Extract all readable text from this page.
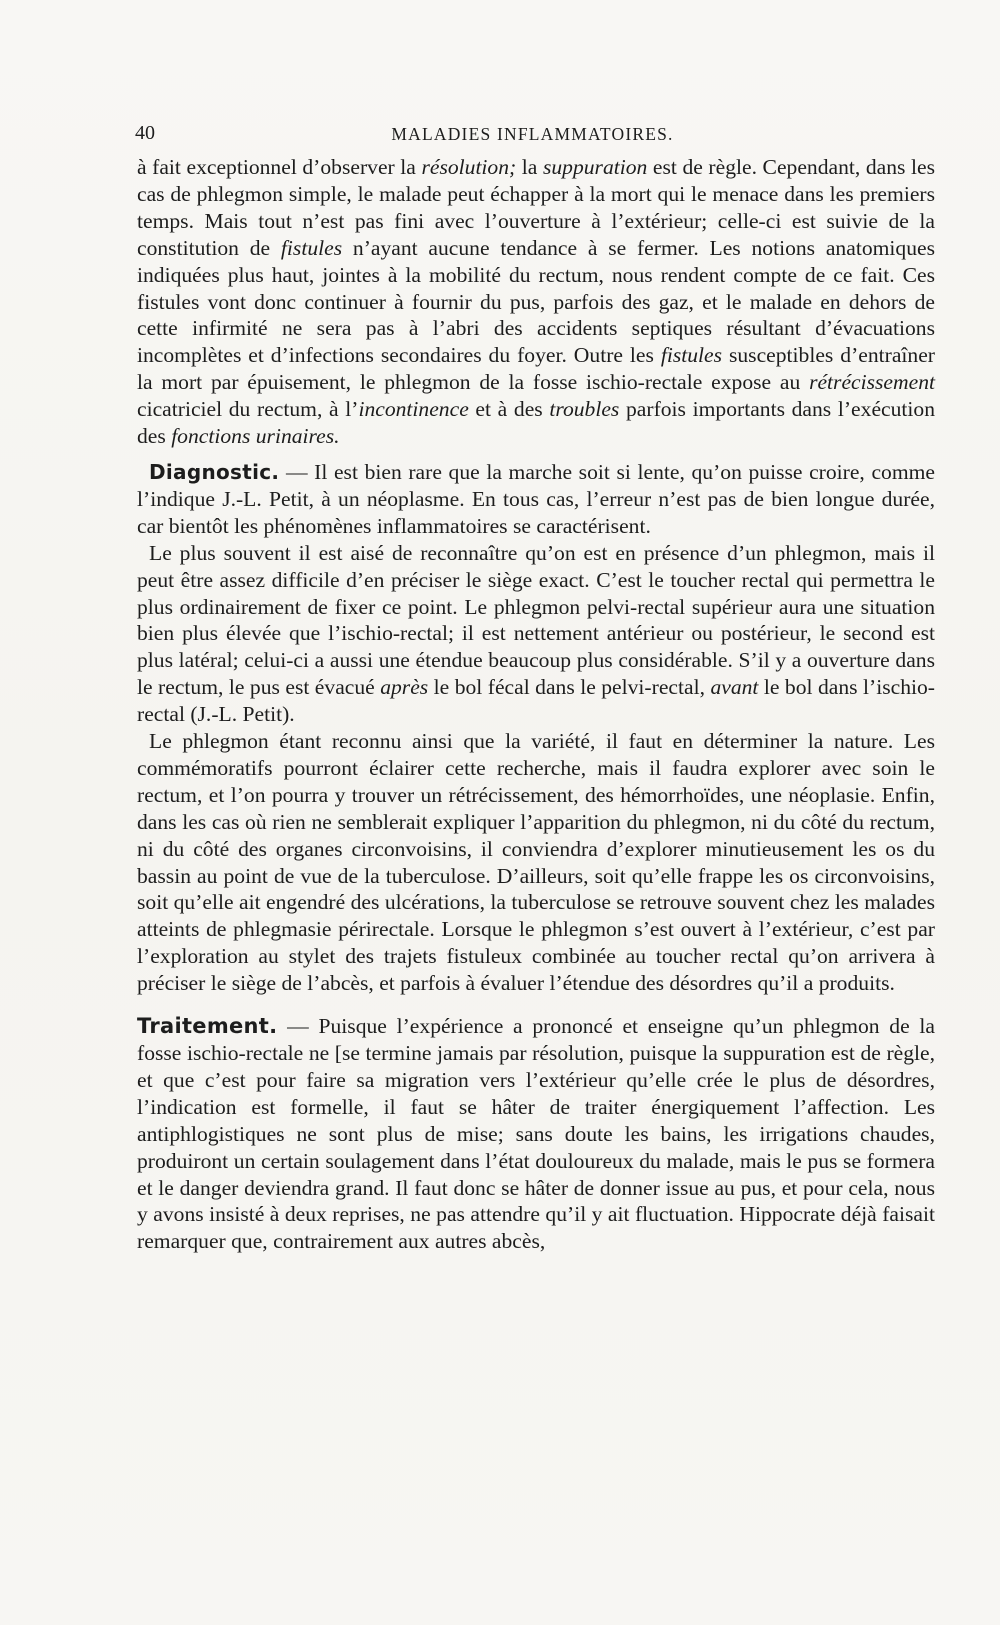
40	MALADIES INFLAMMATOIRES.

à fait exceptionnel d’observer la résolution; la suppuration est de règle. Cependant, dans les cas de phlegmon simple, le malade peut échapper à la mort qui le menace dans les premiers temps. Mais tout n’est pas fini avec l’ouverture à l’extérieur; celle-ci est suivie de la constitution de fistules n’ayant aucune tendance à se fermer. Les notions anatomiques indiquées plus haut, jointes à la mobilité du rectum, nous rendent compte de ce fait. Ces fistules vont donc continuer à fournir du pus, parfois des gaz, et le malade en dehors de cette infirmité ne sera pas à l’abri des accidents septiques résultant d’évacuations incomplètes et d’infections secondaires du foyer. Outre les fistules susceptibles d’entraîner la mort par épuisement, le phlegmon de la fosse ischio-rectale expose au rétrécissement cicatriciel du rectum, à l’incontinence et à des troubles parfois importants dans l’exécution des fonctions urinaires.

Diagnostic. — Il est bien rare que la marche soit si lente, qu’on puisse croire, comme l’indique J.-L. Petit, à un néoplasme. En tous cas, l’erreur n’est pas de bien longue durée, car bientôt les phénomènes inflammatoires se caractérisent.

Le plus souvent il est aisé de reconnaître qu’on est en présence d’un phlegmon, mais il peut être assez difficile d’en préciser le siège exact. C’est le toucher rectal qui permettra le plus ordinairement de fixer ce point. Le phlegmon pelvi-rectal supérieur aura une situation bien plus élevée que l’ischio-rectal; il est nettement antérieur ou postérieur, le second est plus latéral; celui-ci a aussi une étendue beaucoup plus considérable. S’il y a ouverture dans le rectum, le pus est évacué après le bol fécal dans le pelvi-rectal, avant le bol dans l’ischio-rectal (J.-L. Petit).

Le phlegmon étant reconnu ainsi que la variété, il faut en déterminer la nature. Les commémoratifs pourront éclairer cette recherche, mais il faudra explorer avec soin le rectum, et l’on pourra y trouver un rétrécissement, des hémorrhoïdes, une néoplasie. Enfin, dans les cas où rien ne semblerait expliquer l’apparition du phlegmon, ni du côté du rectum, ni du côté des organes circonvoisins, il conviendra d’explorer minutieusement les os du bassin au point de vue de la tuberculose. D’ailleurs, soit qu’elle frappe les os circonvoisins, soit qu’elle ait engendré des ulcérations, la tuberculose se retrouve souvent chez les malades atteints de phlegmasie périrectale. Lorsque le phlegmon s’est ouvert à l’extérieur, c’est par l’exploration au stylet des trajets fistuleux combinée au toucher rectal qu’on arrivera à préciser le siège de l’abcès, et parfois à évaluer l’étendue des désordres qu’il a produits.

Traitement. — Puisque l’expérience a prononcé et enseigne qu’un phlegmon de la fosse ischio-rectale ne [se termine jamais par résolution, puisque la suppuration est de règle, et que c’est pour faire sa migration vers l’extérieur qu’elle crée le plus de désordres, l’indication est formelle, il faut se hâter de traiter énergiquement l’affection. Les antiphlogistiques ne sont plus de mise; sans doute les bains, les irrigations chaudes, produiront un certain soulagement dans l’état douloureux du malade, mais le pus se formera et le danger deviendra grand. Il faut donc se hâter de donner issue au pus, et pour cela, nous y avons insisté à deux reprises, ne pas attendre qu’il y ait fluctuation. Hippocrate déjà faisait remarquer que, contrairement aux autres abcès,
